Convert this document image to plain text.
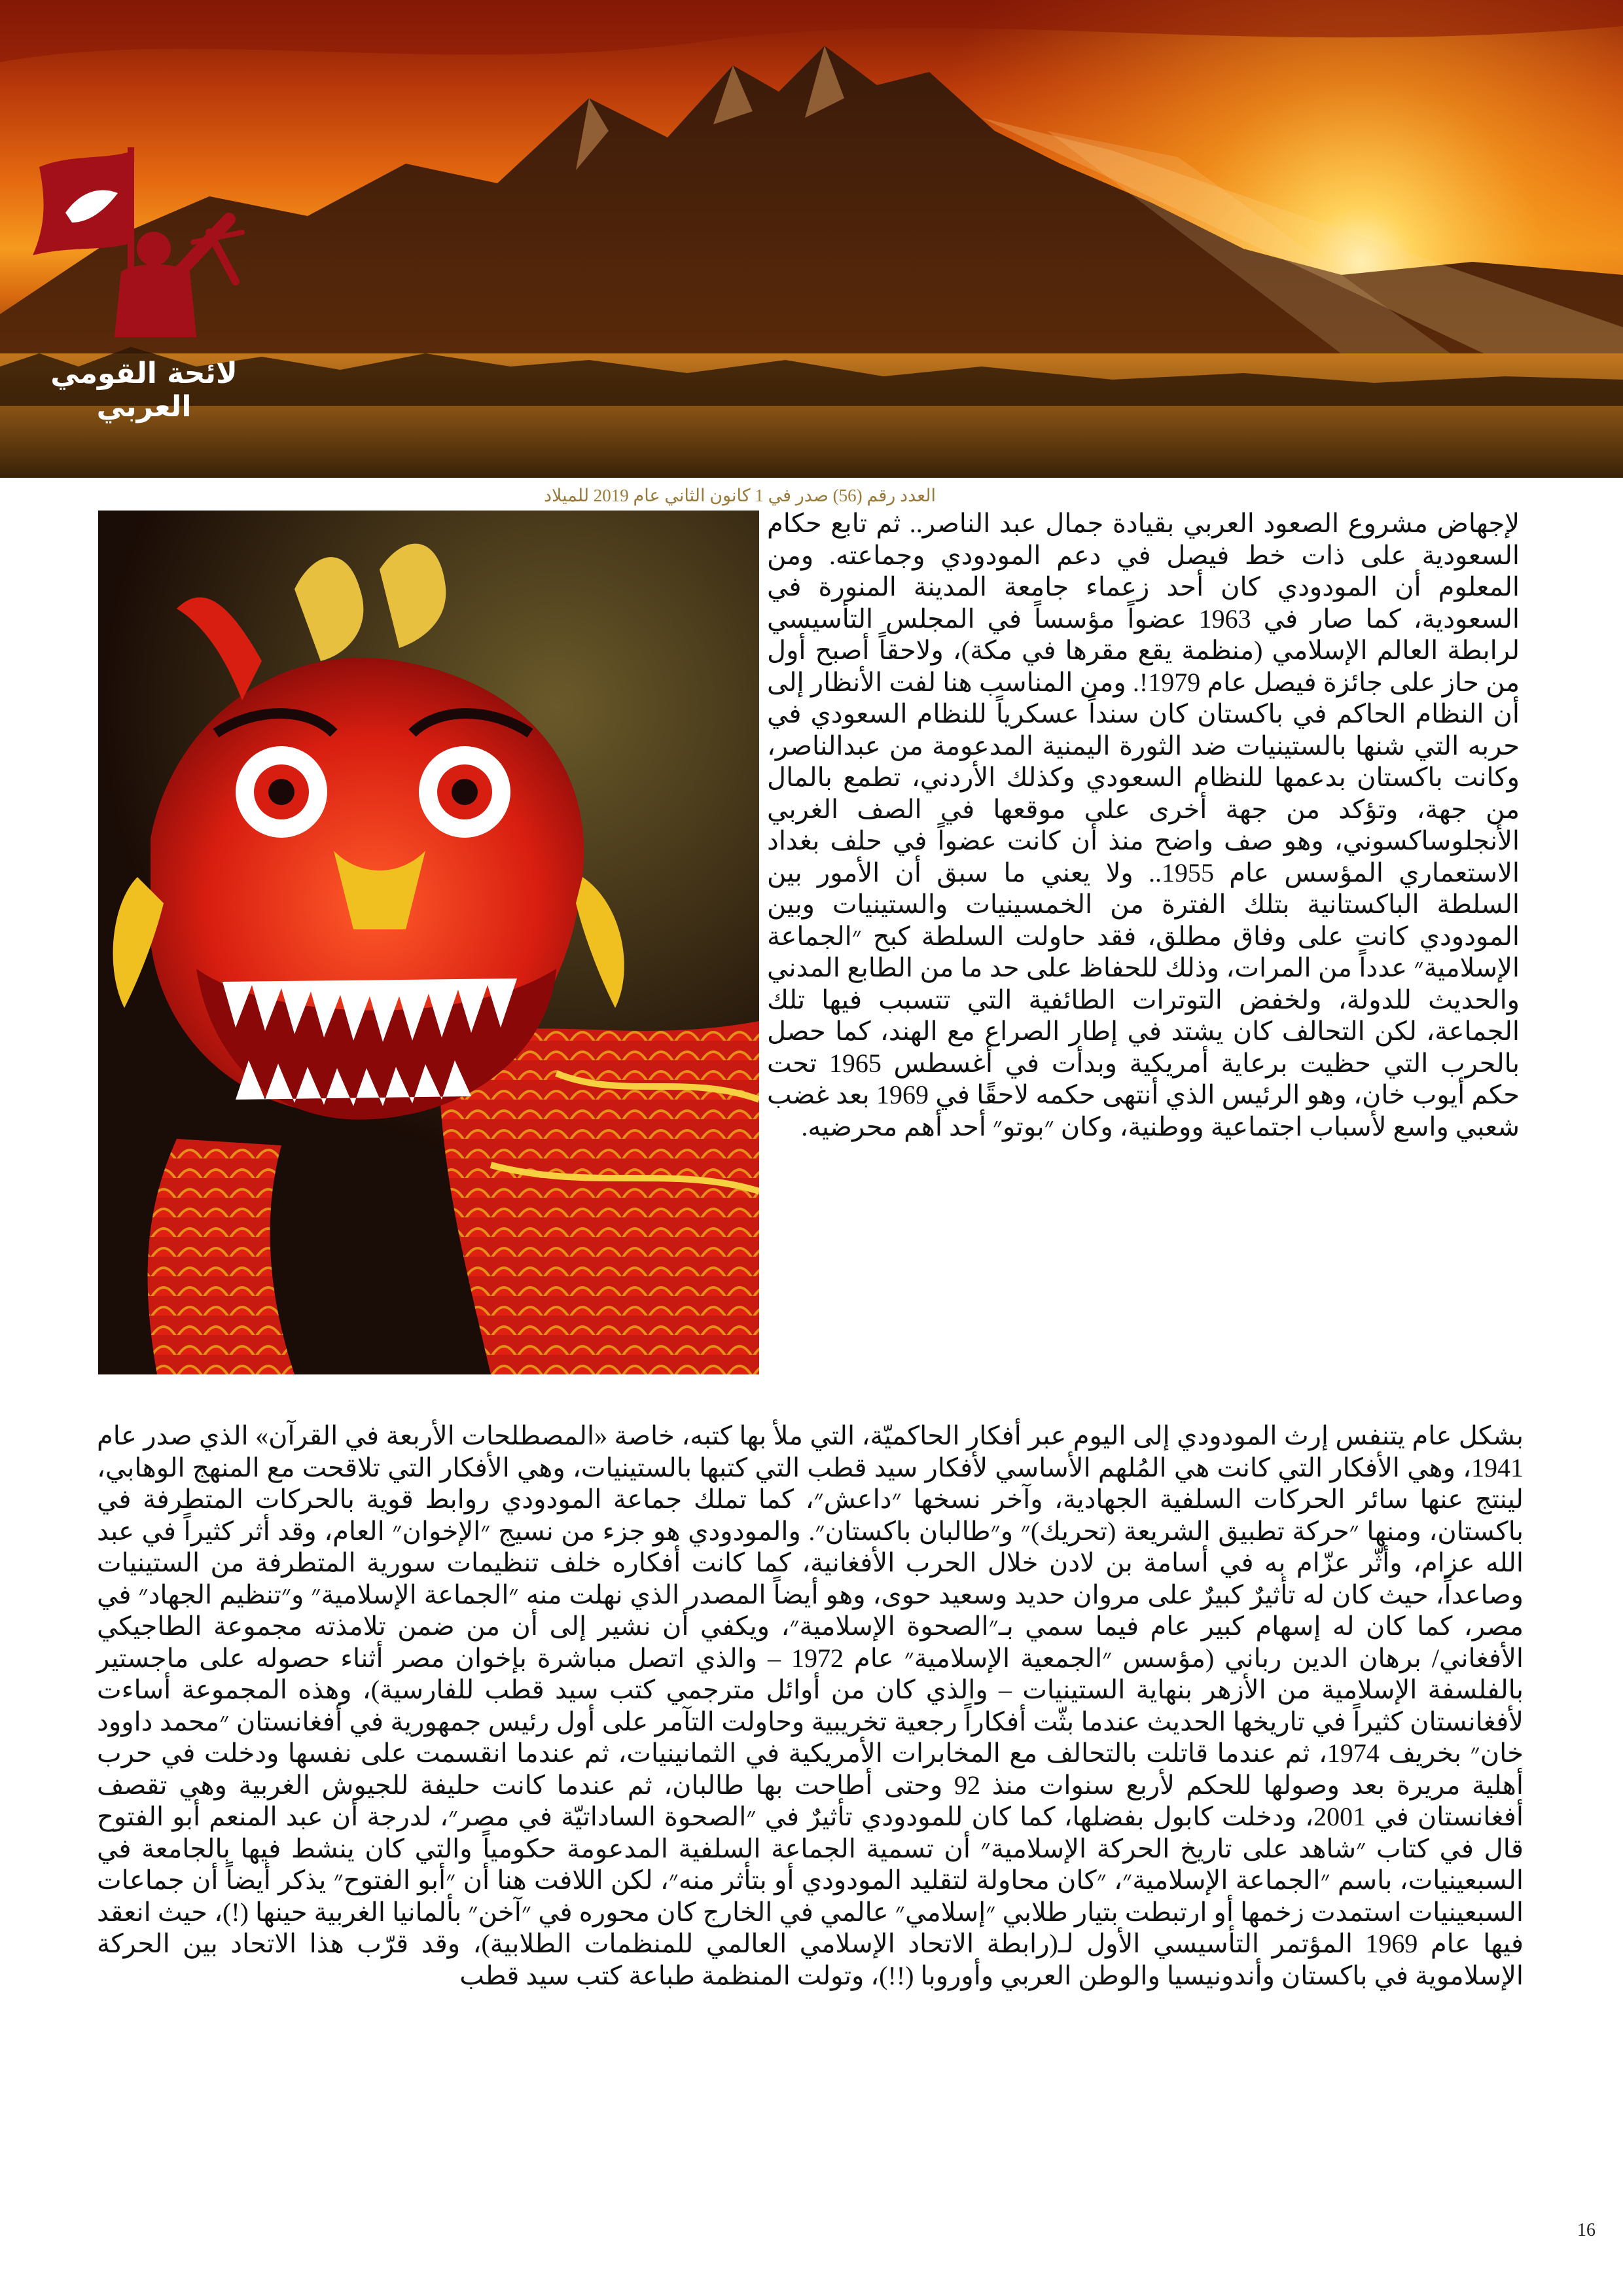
لائحة القومي العربي
العدد رقم (56) صدر في 1 كانون الثاني عام 2019 للميلاد
لإجهاض مشروع الصعود العربي بقيادة جمال عبد الناصر.. ثم تابع حكام السعودية على ذات خط فيصل في دعم المودودي وجماعته. ومن المعلوم أن المودودي كان أحد زعماء جامعة المدينة المنورة في السعودية، كما صار في 1963 عضواً مؤسساً في المجلس التأسيسي لرابطة العالم الإسلامي (منظمة يقع مقرها في مكة)، ولاحقاً أصبح أول من حاز على جائزة فيصل عام 1979!. ومن المناسب هنا لفت الأنظار إلى أن النظام الحاكم في باكستان كان سنداً عسكرياً للنظام السعودي في حربه التي شنها بالستينيات ضد الثورة اليمنية المدعومة من عبدالناصر، وكانت باكستان بدعمها للنظام السعودي وكذلك الأردني، تطمع بالمال من جهة، وتؤكد من جهة أخرى على موقعها في الصف الغربي الأنجلوساكسوني، وهو صف واضح منذ أن كانت عضواً في حلف بغداد الاستعماري المؤسس عام 1955.. ولا يعني ما سبق أن الأمور بين السلطة الباكستانية بتلك الفترة من الخمسينيات والستينيات وبين المودودي كانت على وفاق مطلق، فقد حاولت السلطة كبح ״الجماعة الإسلامية״ عدداً من المرات، وذلك للحفاظ على حد ما من الطابع المدني والحديث للدولة، ولخفض التوترات الطائفية التي تتسبب فيها تلك الجماعة، لكن التحالف كان يشتد في إطار الصراع مع الهند، كما حصل بالحرب التي حظيت برعاية أمريكية وبدأت في أغسطس 1965 تحت حكم أيوب خان، وهو الرئيس الذي أنتهى حكمه لاحقًا في 1969 بعد غضب شعبي واسع لأسباب اجتماعية ووطنية، وكان ״بوتو״ أحد أهم محرضيه.
بشكل عام يتنفس إرث المودودي إلى اليوم عبر أفكار الحاكميّة، التي ملأ بها كتبه، خاصة «المصطلحات الأربعة في القرآن» الذي صدر عام 1941، وهي الأفكار التي كانت هي المُلهم الأساسي لأفكار سيد قطب التي كتبها بالستينيات، وهي الأفكار التي تلاقحت مع المنهج الوهابي، لينتج عنها سائر الحركات السلفية الجهادية، وآخر نسخها ״داعش״، كما تملك جماعة المودودي روابط قوية بالحركات المتطرفة في باكستان، ومنها ״حركة تطبيق الشريعة (تحريك)״ و״طالبان باكستان״. والمودودي هو جزء من نسيج ״الإخوان״ العام، وقد أثر كثيراً في عبد الله عزام، وأثّر عزّام به في أسامة بن لادن خلال الحرب الأفغانية، كما كانت أفكاره خلف تنظيمات سورية المتطرفة من الستينيات وصاعداً، حيث كان له تأثيرٌ كبيرٌ على مروان حديد وسعيد حوى، وهو أيضاً المصدر الذي نهلت منه ״الجماعة الإسلامية״ و״تنظيم الجهاد״ في مصر، كما كان له إسهام كبير عام فيما سمي بـ״الصحوة الإسلامية״، ويكفي أن نشير إلى أن من ضمن تلامذته مجموعة الطاجيكي الأفغاني/ برهان الدين رباني (مؤسس ״الجمعية الإسلامية״ عام 1972 – والذي اتصل مباشرة بإخوان مصر أثناء حصوله على ماجستير بالفلسفة الإسلامية من الأزهر بنهاية الستينيات – والذي كان من أوائل مترجمي كتب سيد قطب للفارسية)، وهذه المجموعة أساءت لأفغانستان كثيراً في تاريخها الحديث عندما بثّت أفكاراً رجعية تخريبية وحاولت التآمر على أول رئيس جمهورية في أفغانستان ״محمد داوود خان״ بخريف 1974، ثم عندما قاتلت بالتحالف مع المخابرات الأمريكية في الثمانينيات، ثم عندما انقسمت على نفسها ودخلت في حرب أهلية مريرة بعد وصولها للحكم لأربع سنوات منذ 92 وحتى أطاحت بها طالبان، ثم عندما كانت حليفة للجيوش الغربية وهي تقصف أفغانستان في 2001، ودخلت كابول بفضلها، كما كان للمودودي تأثيرٌ في ״الصحوة الساداتيّة في مصر״، لدرجة أن عبد المنعم أبو الفتوح قال في كتاب ״شاهد على تاريخ الحركة الإسلامية״ أن تسمية الجماعة السلفية المدعومة حكومياً والتي كان ينشط فيها بالجامعة في السبعينيات، باسم ״الجماعة الإسلامية״، ״كان محاولة لتقليد المودودي أو بتأثر منه״، لكن اللافت هنا أن ״أبو الفتوح״ يذكر أيضاً أن جماعات السبعينيات استمدت زخمها أو ارتبطت بتيار طلابي ״إسلامي״ عالمي في الخارج كان محوره في ״آخن״ بألمانيا الغربية حينها (!)، حيث انعقد فيها عام 1969 المؤتمر التأسيسي الأول لـ(رابطة الاتحاد الإسلامي العالمي للمنظمات الطلابية)، وقد قرّب هذا الاتحاد بين الحركة الإسلاموية في باكستان وأندونيسيا والوطن العربي وأوروبا (!!)، وتولت المنظمة طباعة كتب سيد قطب
16
